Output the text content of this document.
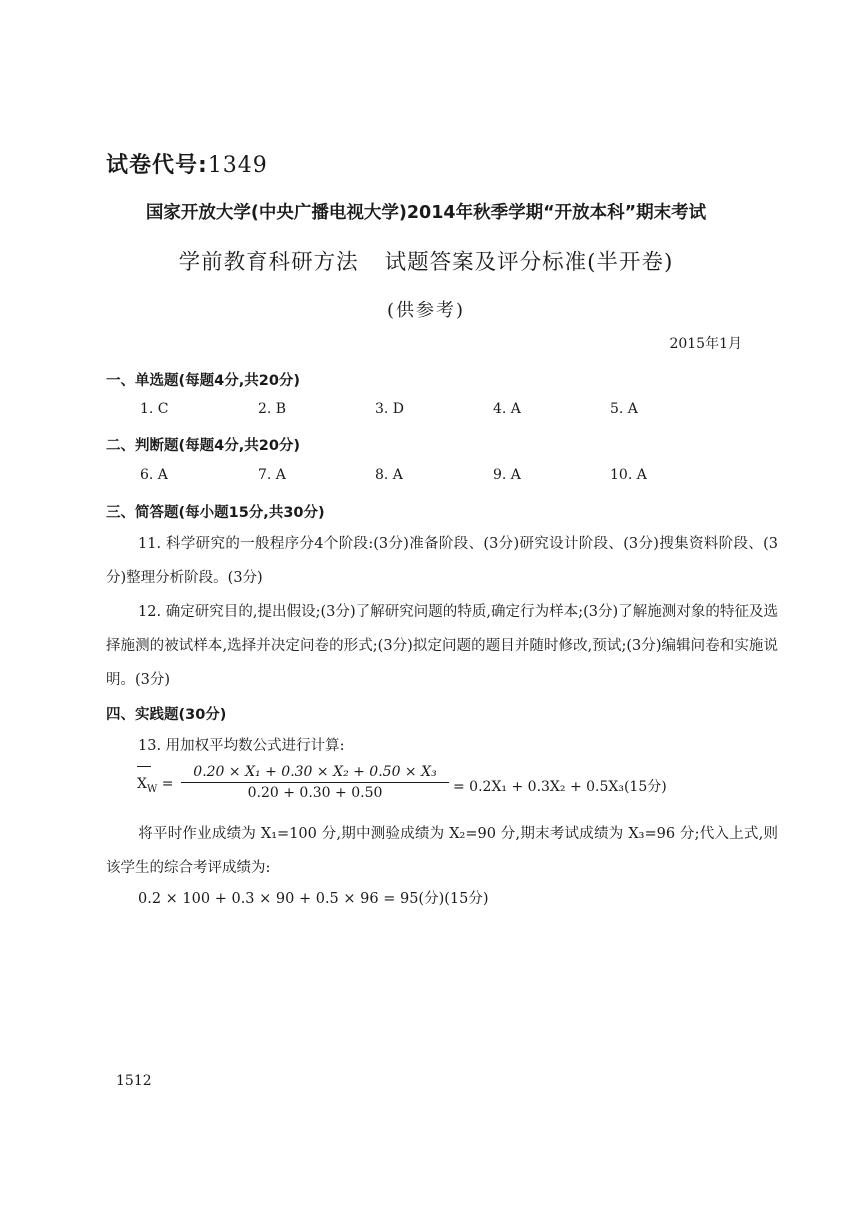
试卷代号:1349
国家开放大学(中央广播电视大学)2014年秋季学期“开放本科”期末考试
学前教育科研方法 试题答案及评分标准(半开卷)
(供参考)
2015年1月
一、单选题(每题4分,共20分)
1. C	2. B	3. D	4. A	5. A
二、判断题(每题4分,共20分)
6. A	7. A	8. A	9. A	10. A
三、简答题(每小题15分,共30分)
11. 科学研究的一般程序分4个阶段:(3分)准备阶段、(3分)研究设计阶段、(3分)搜集资料阶段、(3分)整理分析阶段。(3分)
12. 确定研究目的,提出假设;(3分)了解研究问题的特质,确定行为样本;(3分)了解施测对象的特征及选择施测的被试样本,选择并决定问卷的形式;(3分)拟定问题的题目并随时修改,预试;(3分)编辑问卷和实施说明。(3分)
四、实践题(30分)
13. 用加权平均数公式进行计算:
$X_W = \frac{\text{0.20 × X₁ + 0.30 × X₂ + 0.50 × X₃}}{0.20 + 0.30 + 0.50} = 0.2X_1 + 0.3X_2 + 0.5X_3(15$分)
将平时作业成绩为 X₁=100 分,期中测验成绩为 X₂=90 分,期末考试成绩为 X₃=96 分;代入上式,则该学生的综合考评成绩为:
0.2 × 100 + 0.3 × 90 + 0.5 × 96 = 95(分)(15分)
1512
